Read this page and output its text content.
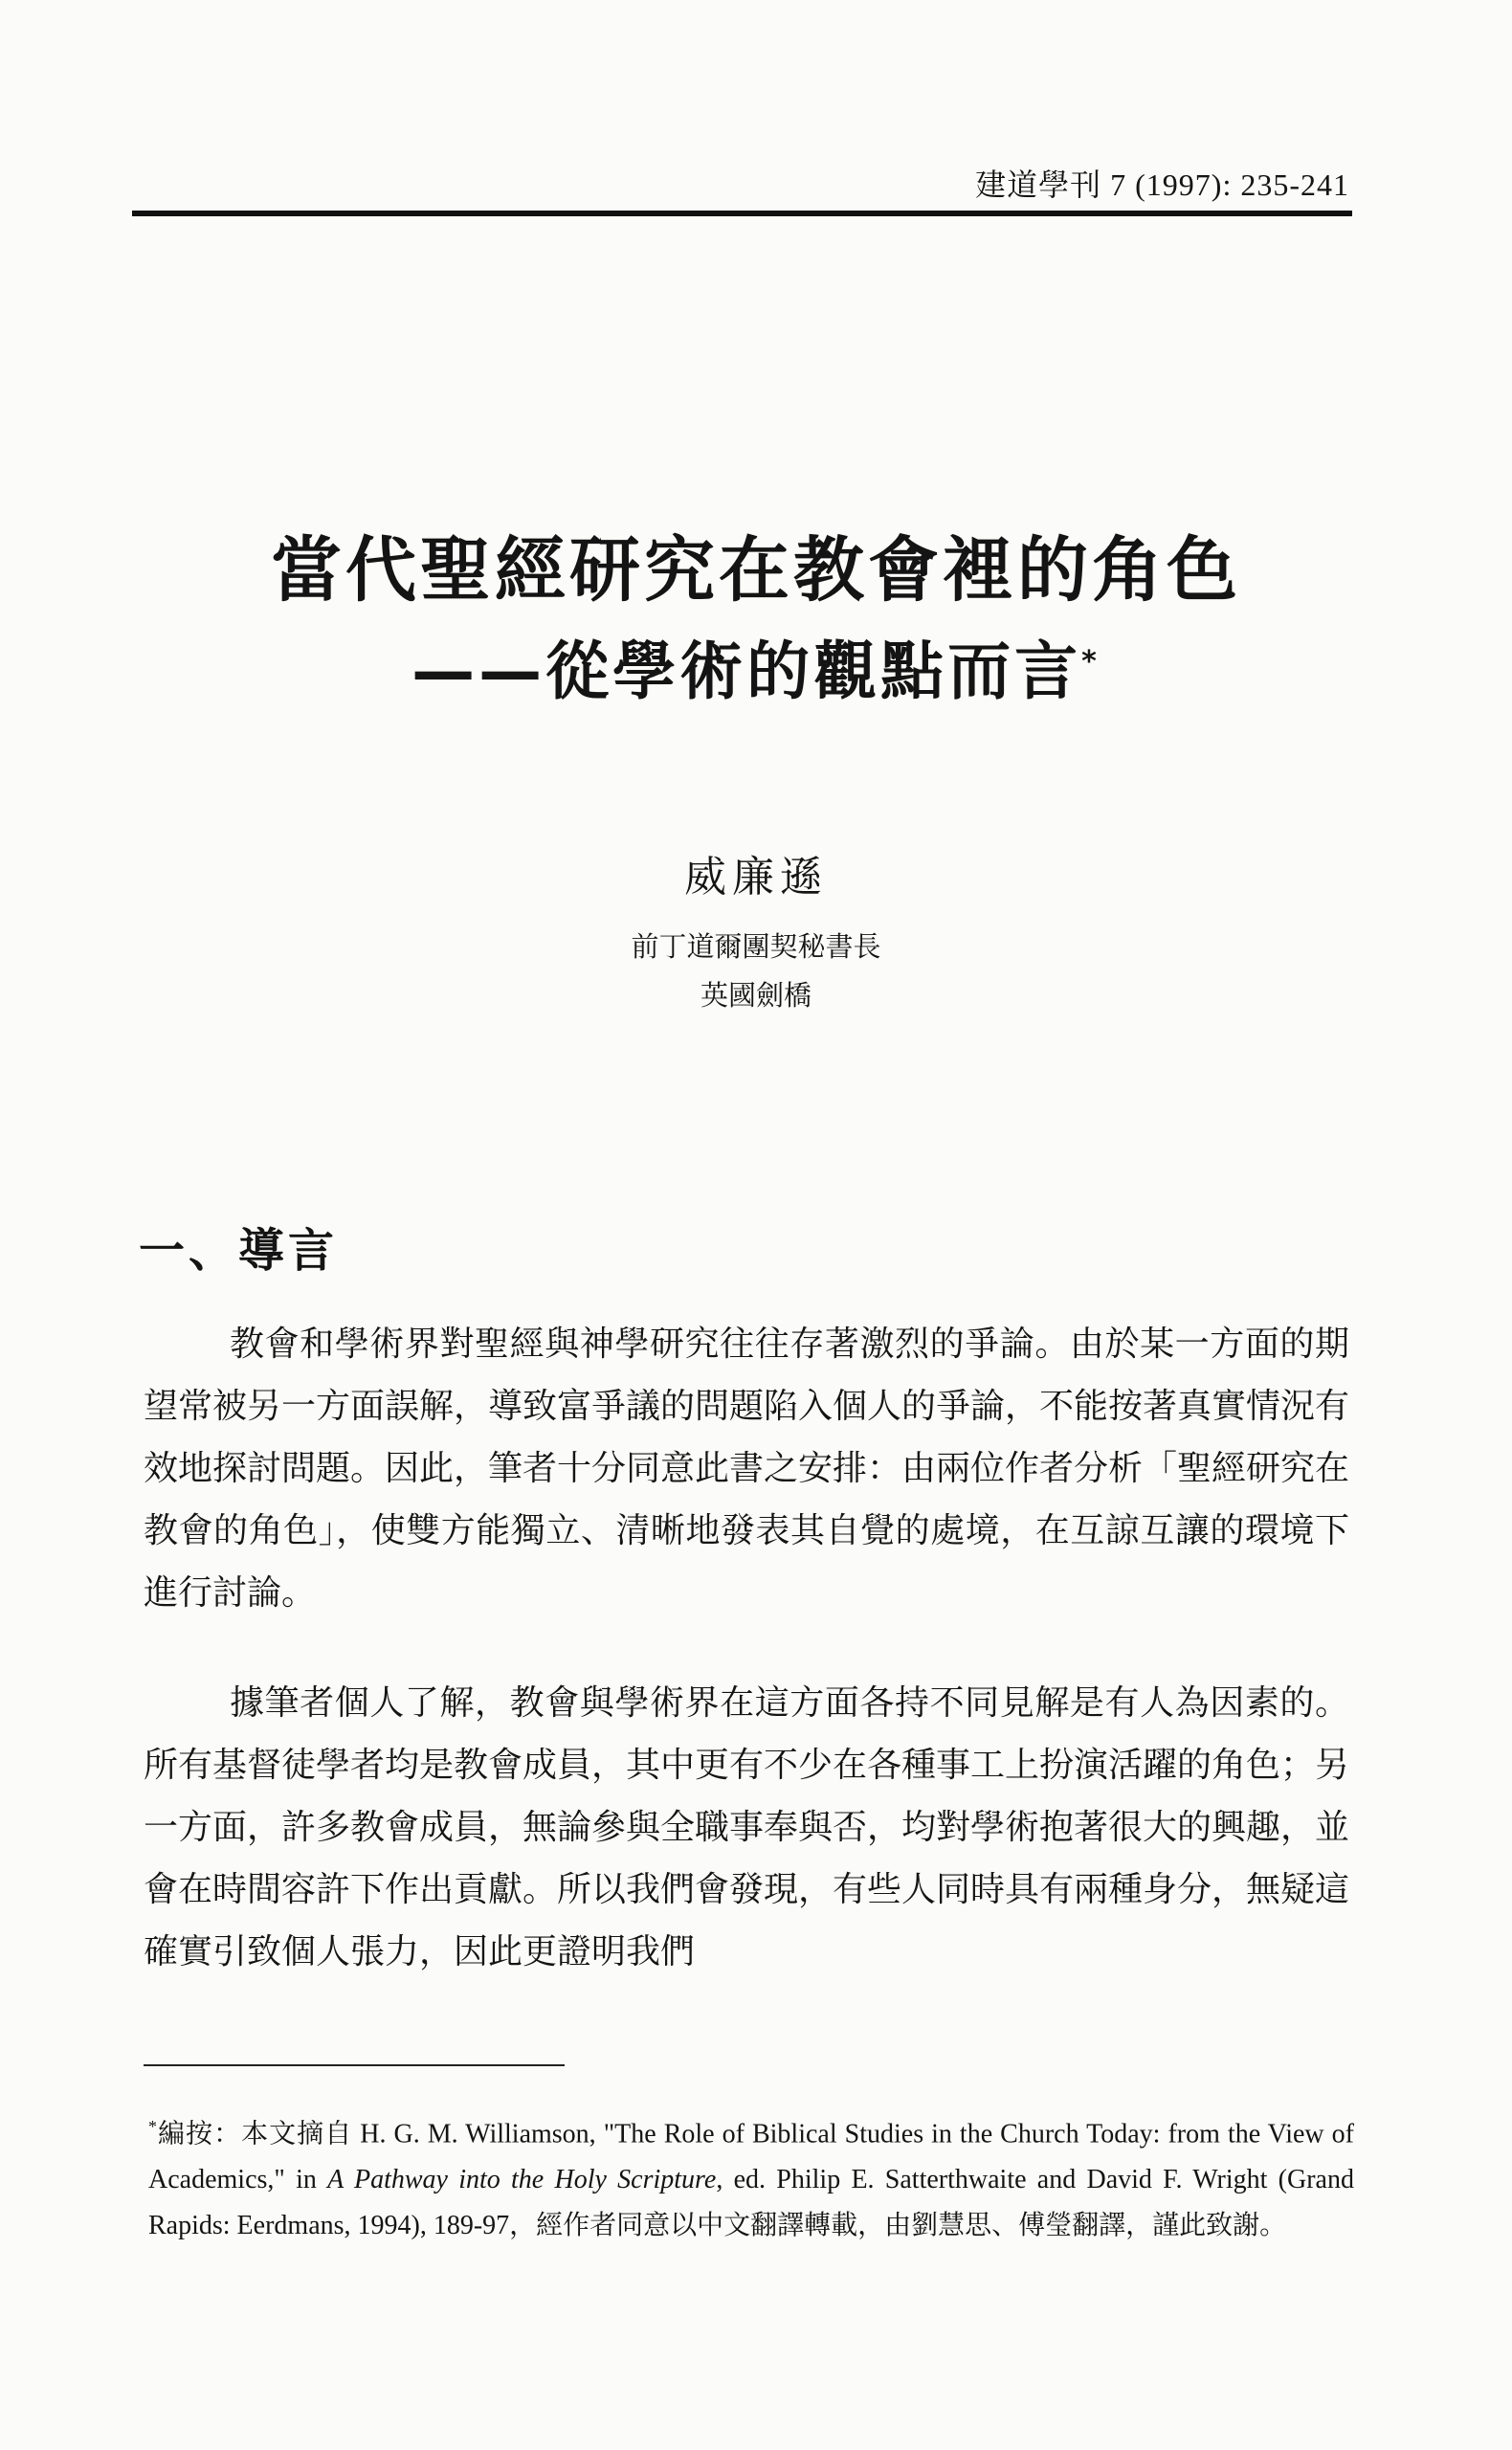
建道學刊 7 (1997): 235-241
當代聖經研究在教會裡的角色
——從學術的觀點而言*

威廉遜

前丁道爾團契秘書長
英國劍橋

一、導言

教會和學術界對聖經與神學研究往往存著激烈的爭論。由於某一方面的期望常被另一方面誤解，導致富爭議的問題陷入個人的爭論，不能按著真實情況有效地探討問題。因此，筆者十分同意此書之安排：由兩位作者分析「聖經研究在教會的角色」，使雙方能獨立、清晰地發表其自覺的處境，在互諒互讓的環境下進行討論。

據筆者個人了解，教會與學術界在這方面各持不同見解是有人為因素的。所有基督徒學者均是教會成員，其中更有不少在各種事工上扮演活躍的角色；另一方面，許多教會成員，無論參與全職事奉與否，均對學術抱著很大的興趣，並會在時間容許下作出貢獻。所以我們會發現，有些人同時具有兩種身分，無疑這確實引致個人張力，因此更證明我們

*編按：本文摘自 H. G. M. Williamson, "The Role of Biblical Studies in the Church Today: from the View of Academics," in A Pathway into the Holy Scripture, ed. Philip E. Satterthwaite and David F. Wright (Grand Rapids: Eerdmans, 1994), 189-97，經作者同意以中文翻譯轉載，由劉慧思、傅瑩翻譯，謹此致謝。
